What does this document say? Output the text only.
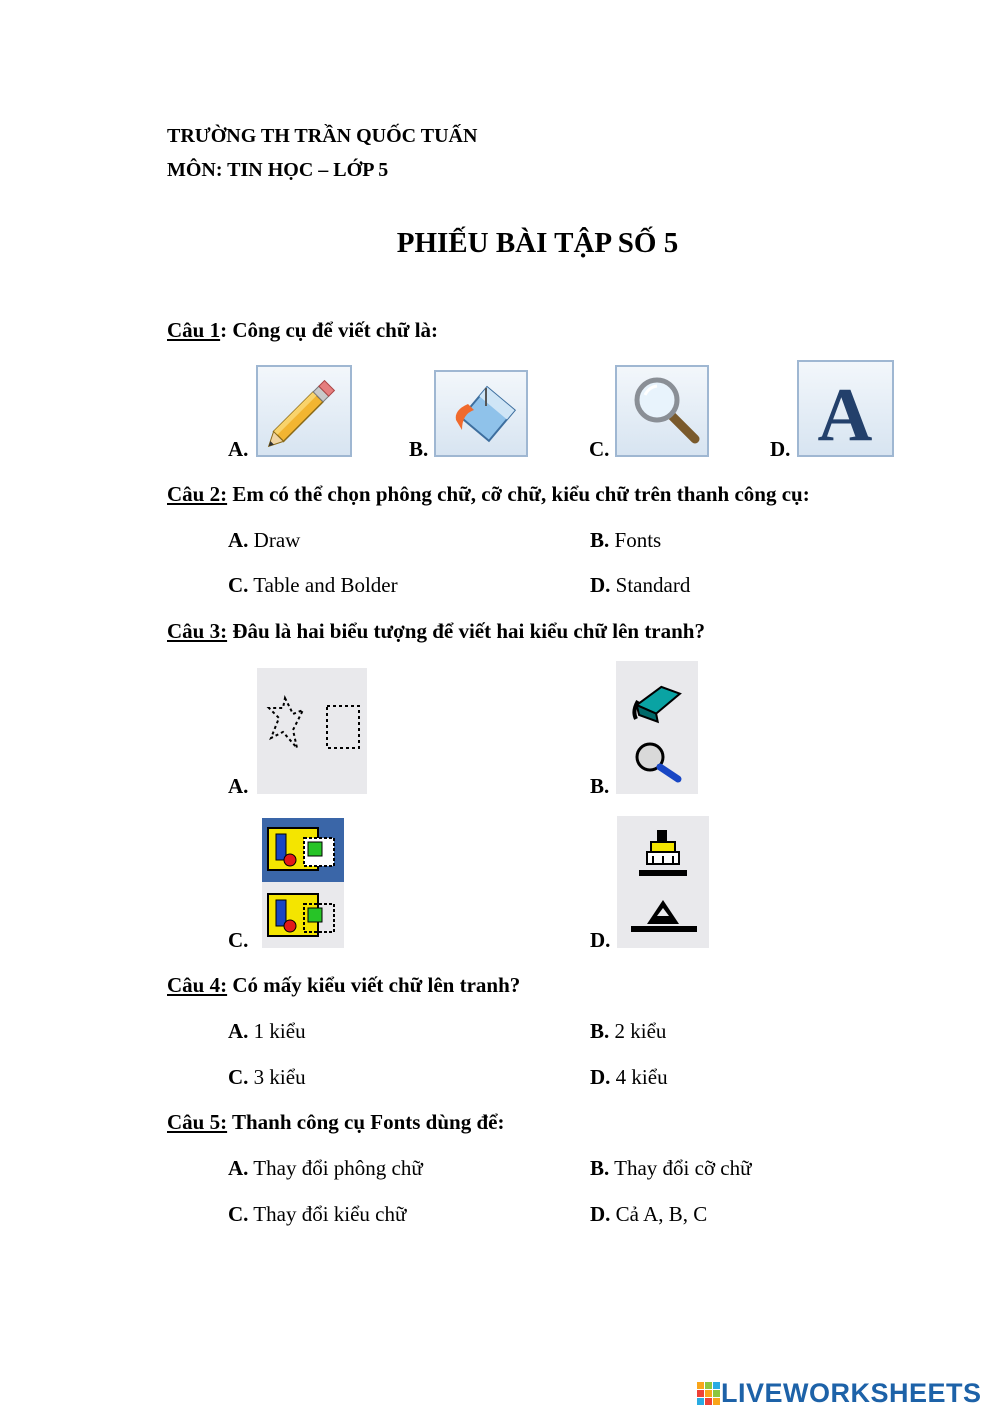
TRƯỜNG TH TRẦN QUỐC TUẤN
MÔN: TIN HỌC – LỚP 5
PHIẾU BÀI TẬP SỐ 5
Câu 1: Công cụ để viết chữ là:
A.	B.	C.	D. A
Câu 2: Em có thể chọn phông chữ, cỡ chữ, kiểu chữ trên thanh công cụ:
A. Draw	B. Fonts
C. Table and Bolder	D. Standard
Câu 3: Đâu là hai biểu tượng để viết hai kiểu chữ lên tranh?
A.	B.
C.	D.
Câu 4: Có mấy kiểu viết chữ lên tranh?
A. 1 kiểu	B. 2 kiểu
C. 3 kiểu	D. 4 kiểu
Câu 5: Thanh công cụ Fonts dùng để:
A. Thay đổi phông chữ	B. Thay đổi cỡ chữ
C. Thay đổi kiểu chữ	D. Cả A, B, C
LIVEWORKSHEETS
